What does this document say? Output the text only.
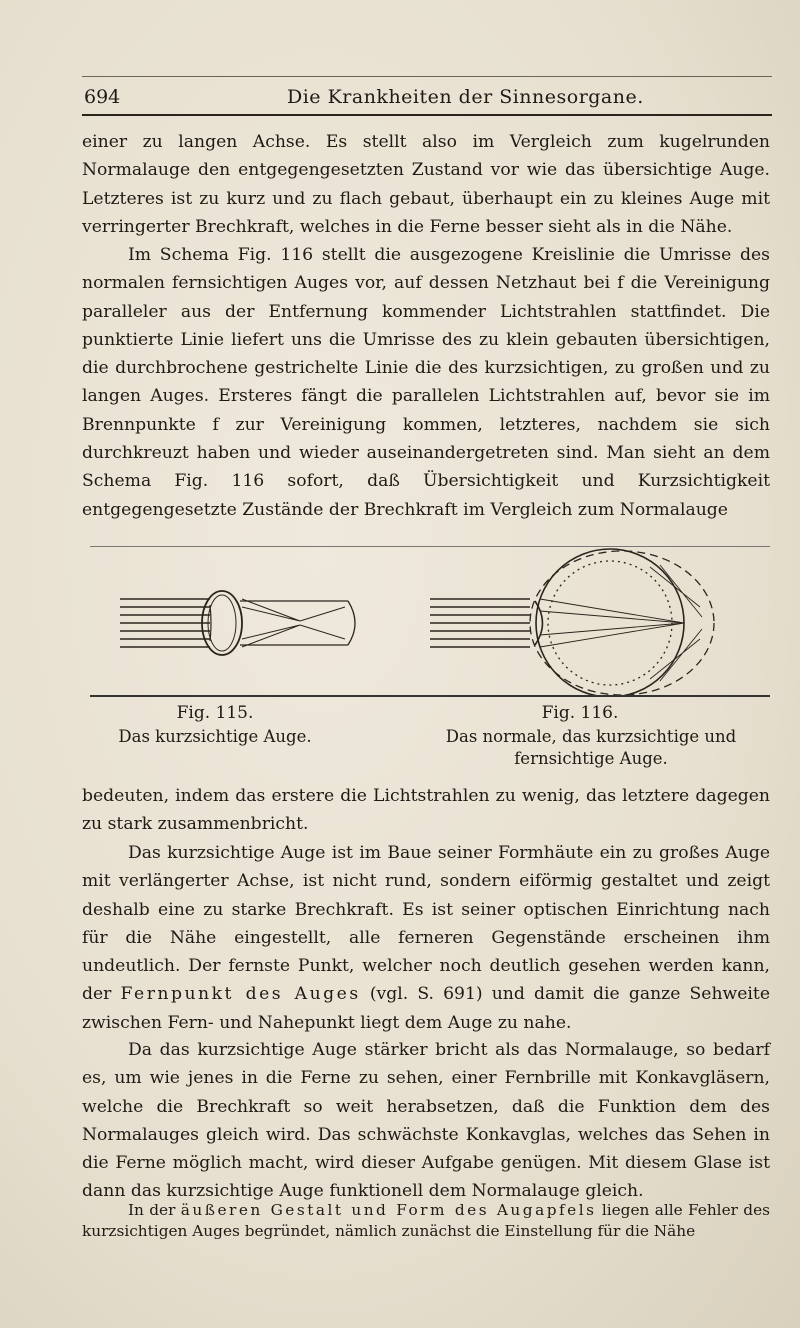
694	Die Krankheiten der Sinnesorgane.

einer zu langen Achse. Es stellt also im Vergleich zum kugelrunden Normalauge den entgegengesetzten Zustand vor wie das übersichtige Auge. Letzteres ist zu kurz und zu flach gebaut, überhaupt ein zu kleines Auge mit verringerter Brechkraft, welches in die Ferne besser sieht als in die Nähe.

Im Schema Fig. 116 stellt die ausgezogene Kreislinie die Umrisse des normalen fernsichtigen Auges vor, auf dessen Netzhaut bei f die Vereinigung paralleler aus der Entfernung kommender Lichtstrahlen stattfindet. Die punktierte Linie liefert uns die Umrisse des zu klein gebauten übersichtigen, die durchbrochene gestrichelte Linie die des kurzsichtigen, zu großen und zu langen Auges. Ersteres fängt die parallelen Lichtstrahlen auf, bevor sie im Brennpunkte f zur Vereinigung kommen, letzteres, nachdem sie sich durchkreuzt haben und wieder auseinandergetreten sind. Man sieht an dem Schema Fig. 116 sofort, daß Übersichtigkeit und Kurzsichtigkeit entgegengesetzte Zustände der Brechkraft im Vergleich zum Normalauge

Fig. 115.
Das kurzsichtige Auge.
Fig. 116.
Das normale, das kurzsichtige und fernsichtige Auge.

bedeuten, indem das erstere die Lichtstrahlen zu wenig, das letztere dagegen zu stark zusammenbricht.

Das kurzsichtige Auge ist im Baue seiner Formhäute ein zu großes Auge mit verlängerter Achse, ist nicht rund, sondern eiförmig gestaltet und zeigt deshalb eine zu starke Brechkraft. Es ist seiner optischen Einrichtung nach für die Nähe eingestellt, alle ferneren Gegenstände erscheinen ihm undeutlich. Der fernste Punkt, welcher noch deutlich gesehen werden kann, der Fernpunkt des Auges (vgl. S. 691) und damit die ganze Sehweite zwischen Fern- und Nahepunkt liegt dem Auge zu nahe.

Da das kurzsichtige Auge stärker bricht als das Normalauge, so bedarf es, um wie jenes in die Ferne zu sehen, einer Fernbrille mit Konkavgläsern, welche die Brechkraft so weit herabsetzen, daß die Funktion dem des Normalauges gleich wird. Das schwächste Konkavglas, welches das Sehen in die Ferne möglich macht, wird dieser Aufgabe genügen. Mit diesem Glase ist dann das kurzsichtige Auge funktionell dem Normalauge gleich.

In der äußeren Gestalt und Form des Augapfels liegen alle Fehler des kurzsichtigen Auges begründet, nämlich zunächst die Einstellung für die Nähe
